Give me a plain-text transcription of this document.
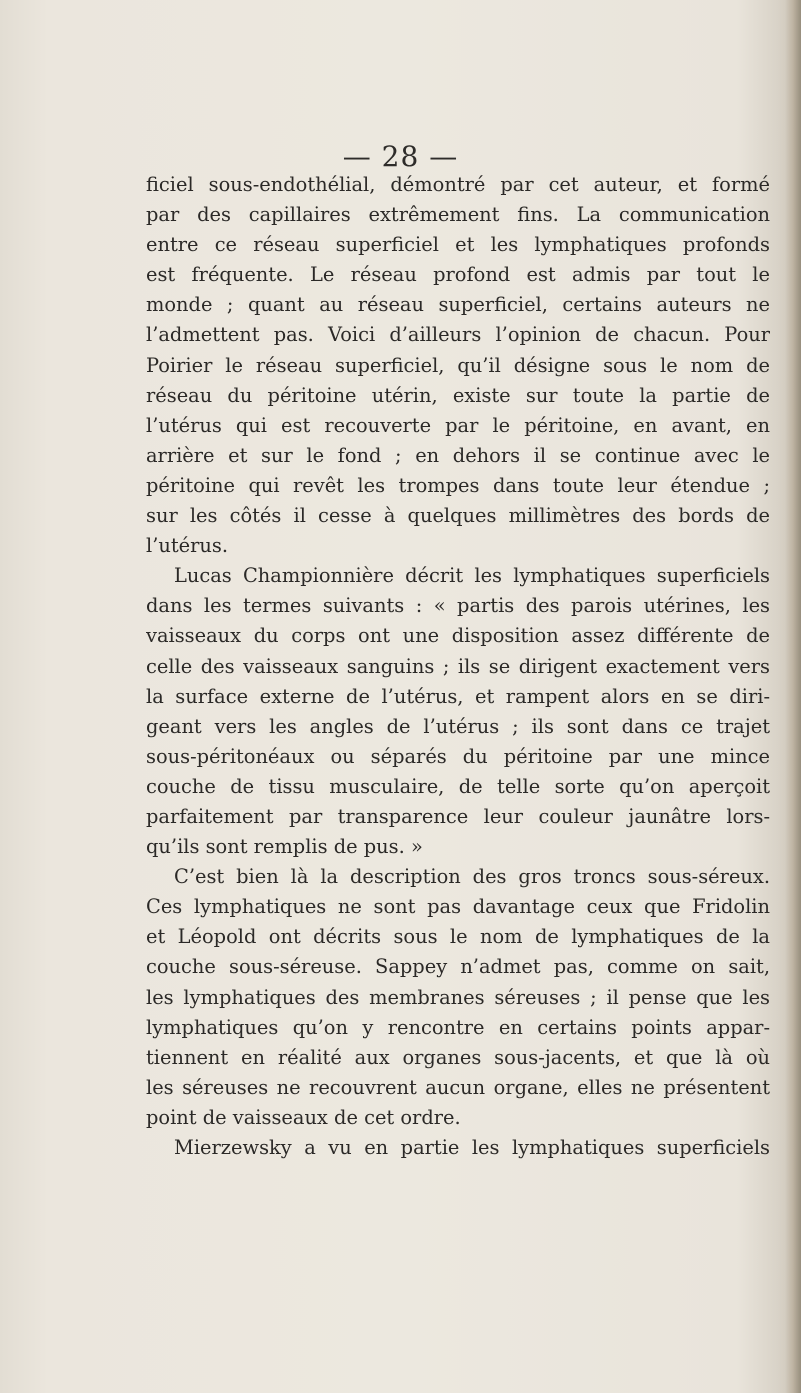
— 28 —
ficiel sous-endothélial, démontré par cet auteur, et formé
par des capillaires extrêmement fins. La communication
entre ce réseau superficiel et les lymphatiques profonds
est fréquente. Le réseau profond est admis par tout le
monde ; quant au réseau superficiel, certains auteurs ne
l’admettent pas. Voici d’ailleurs l’opinion de chacun. Pour
Poirier le réseau superficiel, qu’il désigne sous le nom de
réseau du péritoine utérin, existe sur toute la partie de
l’utérus qui est recouverte par le péritoine, en avant, en
arrière et sur le fond ; en dehors il se continue avec le
péritoine qui revêt les trompes dans toute leur étendue ;
sur les côtés il cesse à quelques millimètres des bords de
l’utérus.
Lucas Championnière décrit les lymphatiques superficiels
dans les termes suivants : « partis des parois utérines, les
vaisseaux du corps ont une disposition assez différente de
celle des vaisseaux sanguins ; ils se dirigent exactement vers
la surface externe de l’utérus, et rampent alors en se diri-
geant vers les angles de l’utérus ; ils sont dans ce trajet
sous-péritonéaux ou séparés du péritoine par une mince
couche de tissu musculaire, de telle sorte qu’on aperçoit
parfaitement par transparence leur couleur jaunâtre lors-
qu’ils sont remplis de pus. »
C’est bien là la description des gros troncs sous-séreux.
Ces lymphatiques ne sont pas davantage ceux que Fridolin
et Léopold ont décrits sous le nom de lymphatiques de la
couche sous-séreuse. Sappey n’admet pas, comme on sait,
les lymphatiques des membranes séreuses ; il pense que les
lymphatiques qu’on y rencontre en certains points appar-
tiennent en réalité aux organes sous-jacents, et que là où
les séreuses ne recouvrent aucun organe, elles ne présentent
point de vaisseaux de cet ordre.
Mierzewsky a vu en partie les lymphatiques superficiels
